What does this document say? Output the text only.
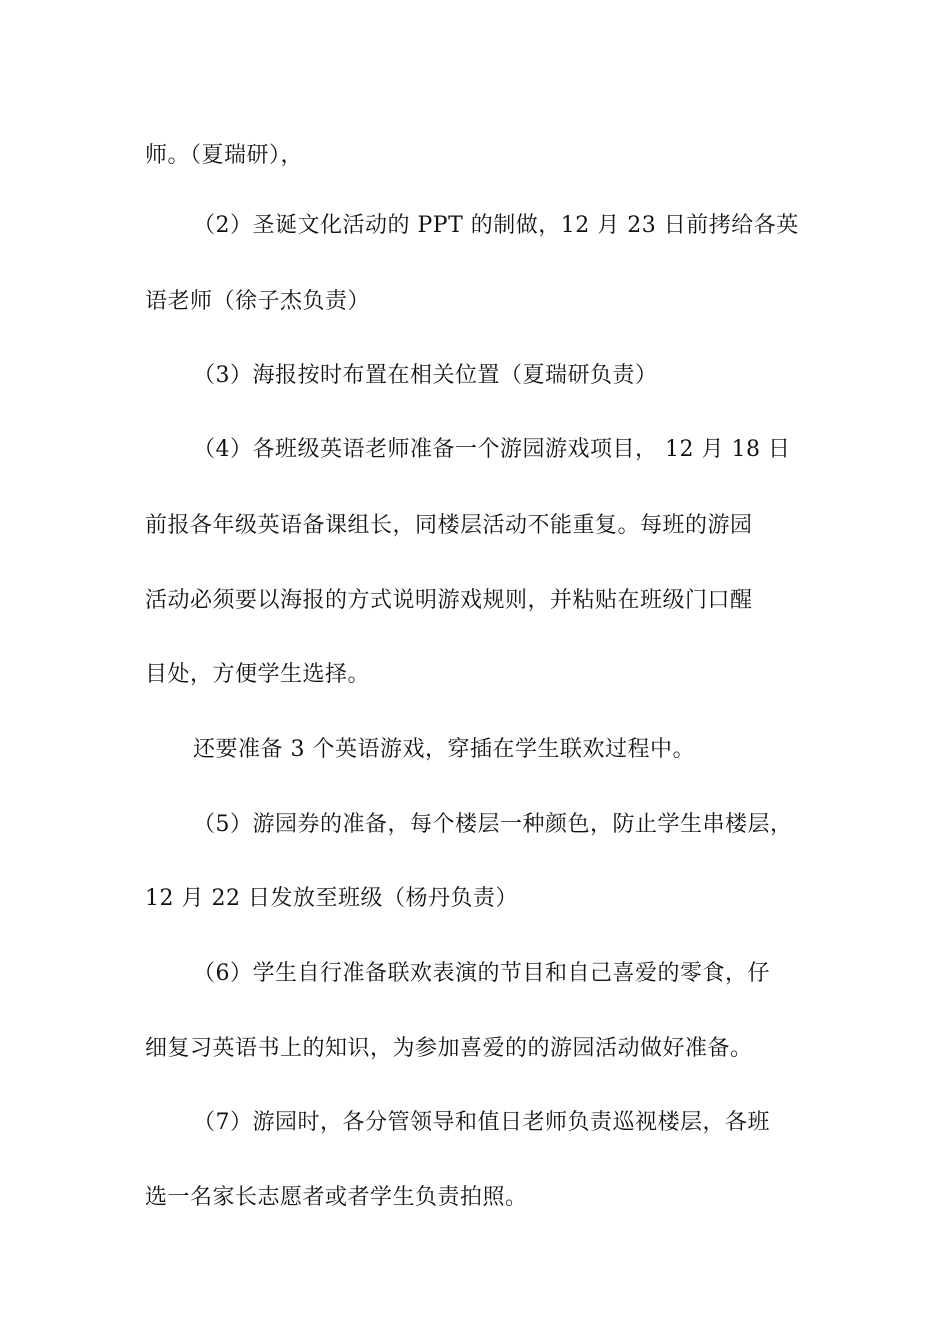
师。（夏瑞研），
（2）圣诞文化活动的 PPT 的制做，12 月 23 日前拷给各英
语老师（徐子杰负责）
（3）海报按时布置在相关位置（夏瑞研负责）
（4）各班级英语老师准备一个游园游戏项目， 12 月 18 日
前报各年级英语备课组长，同楼层活动不能重复。每班的游园
活动必须要以海报的方式说明游戏规则，并粘贴在班级门口醒
目处，方便学生选择。
还要准备 3 个英语游戏，穿插在学生联欢过程中。
（5）游园券的准备，每个楼层一种颜色，防止学生串楼层，
12 月 22 日发放至班级（杨丹负责）
（6）学生自行准备联欢表演的节目和自己喜爱的零食，仔
细复习英语书上的知识，为参加喜爱的的游园活动做好准备。
（7）游园时，各分管领导和值日老师负责巡视楼层，各班
选一名家长志愿者或者学生负责拍照。
